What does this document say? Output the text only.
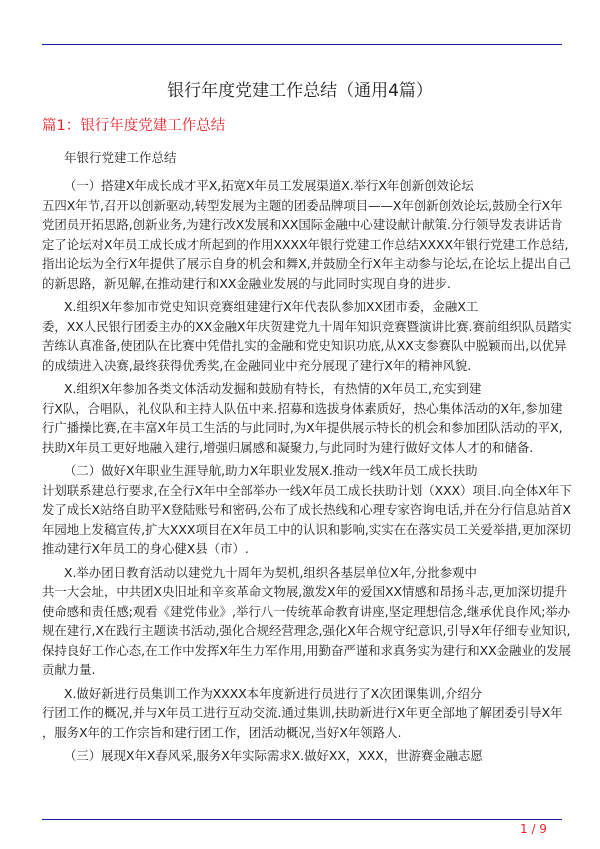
银行年度党建工作总结（通用4篇）
篇1：银行年度党建工作总结
年银行党建工作总结
（一）搭建X年成长成才平X,拓宽X年员工发展渠道X.举行X年创新创效论坛
五四X年节,召开以创新驱动,转型发展为主题的团委品牌项目——X年创新创效论坛,鼓励全行X年
党团员开拓思路,创新业务,为建行改X发展和XX国际金融中心建设献计献策.分行领导发表讲话肯
定了论坛对X年员工成长成才所起到的作用XXXX年银行党建工作总结XXXX年银行党建工作总结,
指出论坛为全行X年提供了展示自身的机会和舞X,并鼓励全行X年主动参与论坛,在论坛上提出自己
的新思路，新见解,在推动建行和XX金融业发展的与此同时实现自身的进步.
X.组织X年参加市党史知识竞赛组建建行X年代表队参加XX团市委，金融X工
委，XX人民银行团委主办的XX金融X年庆贺建党九十周年知识竞赛暨演讲比赛.赛前组织队员踏实
苦练认真准备,使团队在比赛中凭借扎实的金融和党史知识功底,从XX支参赛队中脱颖而出,以优异
的成绩进入决赛,最终获得优秀奖,在金融同业中充分展现了建行X年的精神风貌.
X.组织X年参加各类文体活动发掘和鼓励有特长，有热情的X年员工,充实到建
行X队，合唱队，礼仪队和主持人队伍中来.招募和选拔身体素质好，热心集体活动的X年,参加建
行广播操比赛,在丰富X年员工生活的与此同时,为X年提供展示特长的机会和参加团队活动的平X,
扶助X年员工更好地融入建行,增强归属感和凝聚力,与此同时为建行做好文体人才的和储备.
（二）做好X年职业生涯导航,助力X年职业发展X.推动一线X年员工成长扶助
计划联系建总行要求,在全行X年中全部举办一线X年员工成长扶助计划（XXX）项目.向全体X年下
发了成长X站络自助平X登陆账号和密码,公布了成长热线和心理专家咨询电话,并在分行信息站首X
年园地上发稿宣传,扩大XXX项目在X年员工中的认识和影响,实实在在落实员工关爱举措,更加深切
推动建行X年员工的身心健X县（市）.
X.举办团日教育活动以建党九十周年为契机,组织各基层单位X年,分批参观中
共一大会址，中共团X央旧址和辛亥革命文物展,激发X年的爱国XX情感和昂扬斗志,更加深切提升
使命感和责任感;观看《建党伟业》,举行八一传统革命教育讲座,坚定理想信念,继承优良作风;举办
规在建行,X在践行主题读书活动,强化合规经营理念,强化X年合规守纪意识,引导X年仔细专业知识,
保持良好工作心态,在工作中发挥X年生力军作用,用勤奋严谨和求真务实为建行和XX金融业的发展
贡献力量.
X.做好新进行员集训工作为XXXX本年度新进行员进行了X次团课集训,介绍分
行团工作的概况,并与X年员工进行互动交流.通过集训,扶助新进行X年更全部地了解团委引导X年
，服务X年的工作宗旨和建行团工作，团活动概况,当好X年领路人.
（三）展现X年X春风采,服务X年实际需求X.做好XX，XXX，世游赛金融志愿
1 / 9
